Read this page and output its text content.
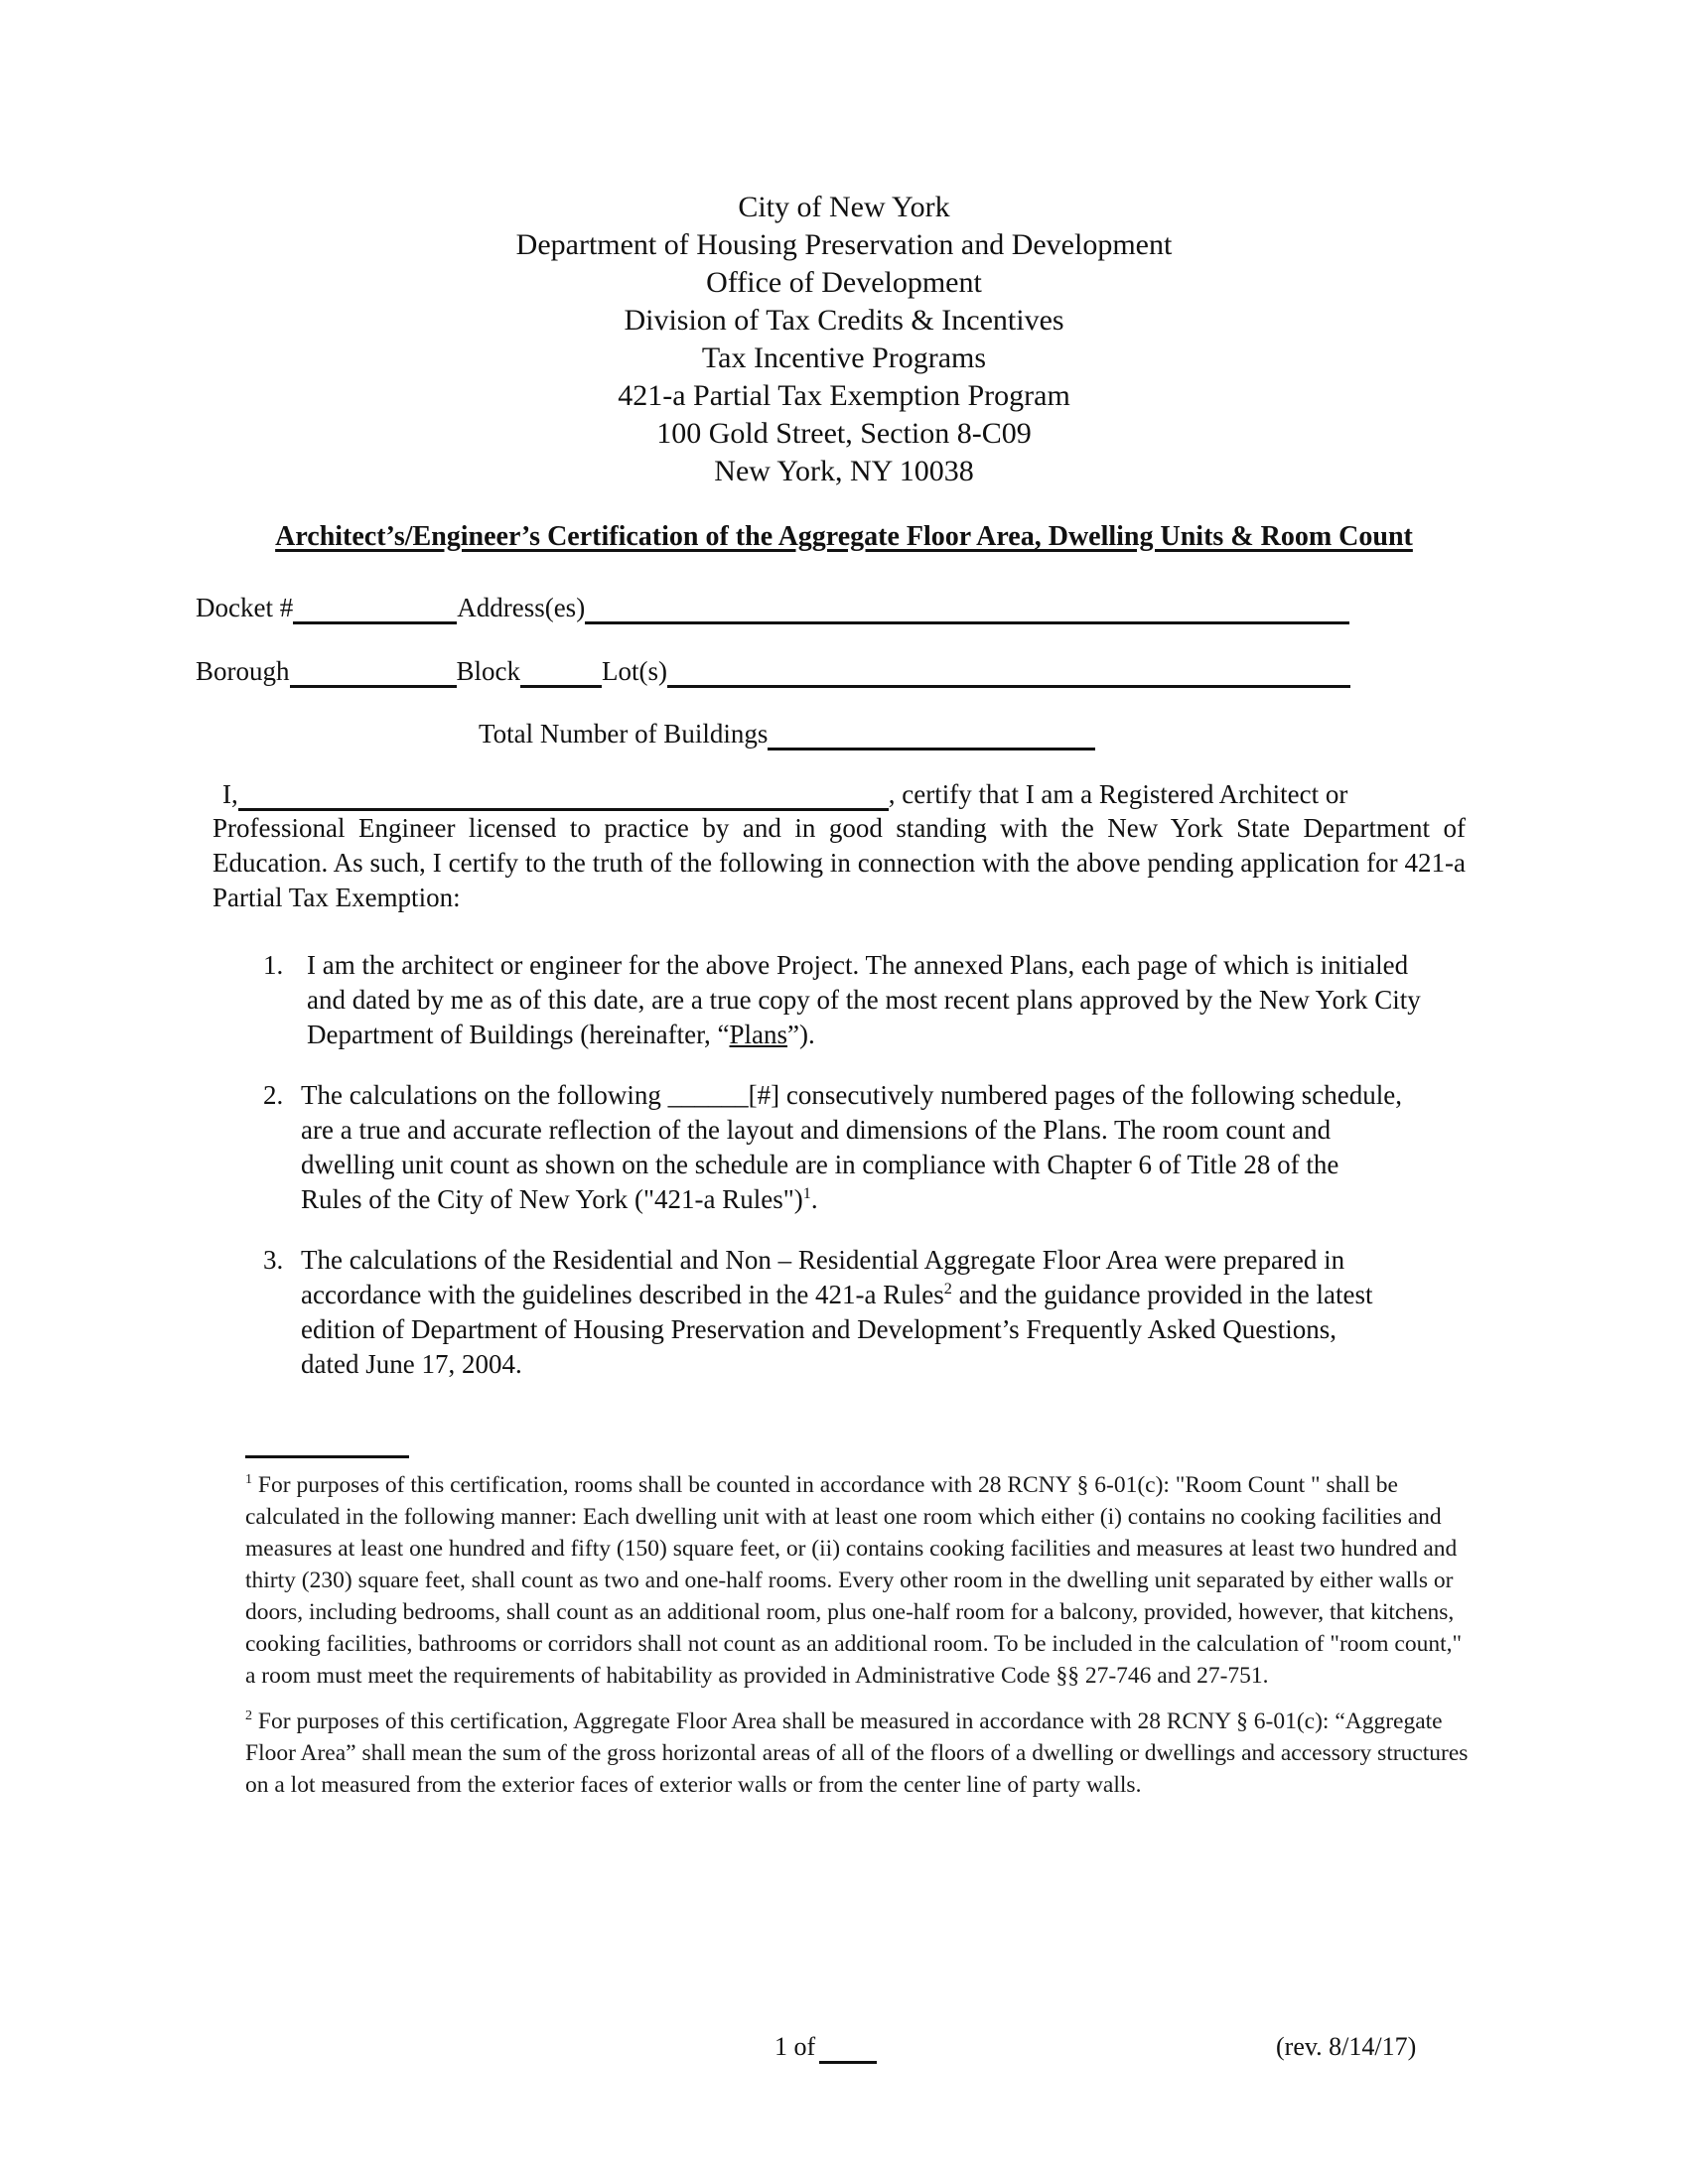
City of New York
Department of Housing Preservation and Development
Office of Development
Division of Tax Credits & Incentives
Tax Incentive Programs
421-a Partial Tax Exemption Program
100 Gold Street, Section 8-C09
New York, NY 10038
Architect’s/Engineer’s Certification of the Aggregate Floor Area, Dwelling Units & Room Count
Docket #	Address(es)
Borough	Block	Lot(s)
Total Number of Buildings
I,	, certify that I am a Registered Architect or
Professional Engineer licensed to practice by and in good standing with the New York State Department of Education. As such, I certify to the truth of the following in connection with the above pending application for 421-a Partial Tax Exemption:
1. I am the architect or engineer for the above Project. The annexed Plans, each page of which is initialed and dated by me as of this date, are a true copy of the most recent plans approved by the New York City Department of Buildings (hereinafter, “Plans”).
2. The calculations on the following ______[#] consecutively numbered pages of the following schedule, are a true and accurate reflection of the layout and dimensions of the Plans. The room count and dwelling unit count as shown on the schedule are in compliance with Chapter 6 of Title 28 of the Rules of the City of New York ("421-a Rules")$^1$.
3. The calculations of the Residential and Non – Residential Aggregate Floor Area were prepared in accordance with the guidelines described in the 421-a Rules$^2$ and the guidance provided in the latest edition of Department of Housing Preservation and Development’s Frequently Asked Questions, dated June 17, 2004.
$^1$ For purposes of this certification, rooms shall be counted in accordance with 28 RCNY § 6-01(c): "Room Count " shall be calculated in the following manner: Each dwelling unit with at least one room which either (i) contains no cooking facilities and measures at least one hundred and fifty (150) square feet, or (ii) contains cooking facilities and measures at least two hundred and thirty (230) square feet, shall count as two and one-half rooms. Every other room in the dwelling unit separated by either walls or doors, including bedrooms, shall count as an additional room, plus one-half room for a balcony, provided, however, that kitchens, cooking facilities, bathrooms or corridors shall not count as an additional room. To be included in the calculation of "room count," a room must meet the requirements of habitability as provided in Administrative Code §§ 27-746 and 27-751.
$^2$ For purposes of this certification, Aggregate Floor Area shall be measured in accordance with 28 RCNY § 6-01(c): “Aggregate Floor Area” shall mean the sum of the gross horizontal areas of all of the floors of a dwelling or dwellings and accessory structures on a lot measured from the exterior faces of exterior walls or from the center line of party walls.
1 of	(rev. 8/14/17)
